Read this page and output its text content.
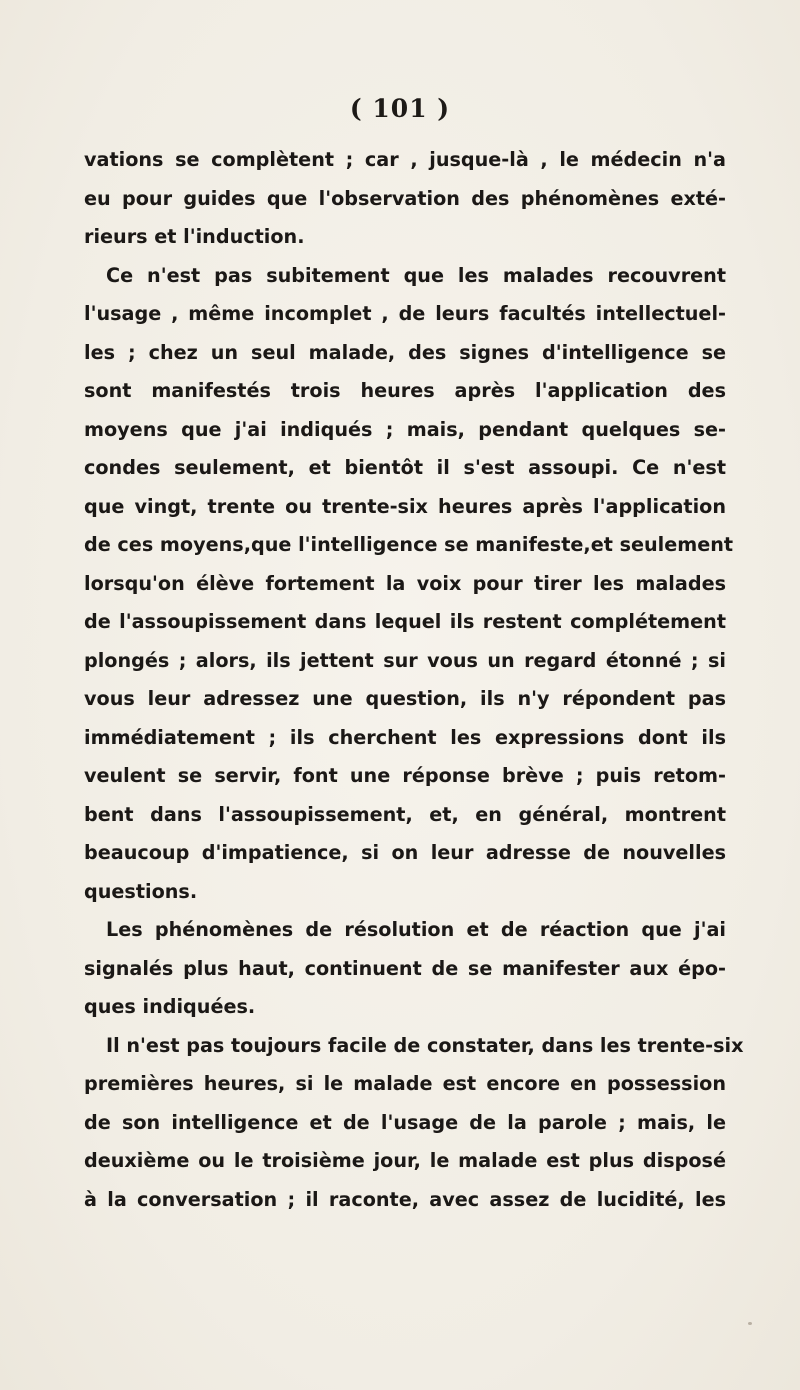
( 101 )
vations se complètent ; car , jusque-là , le médecin n'a
eu pour guides que l'observation des phénomènes exté-
rieurs et l'induction.
Ce n'est pas subitement que les malades recouvrent
l'usage , même incomplet , de leurs facultés intellectuel-
les ; chez un seul malade, des signes d'intelligence se
sont manifestés trois heures après l'application des
moyens que j'ai indiqués ; mais, pendant quelques se-
condes seulement, et bientôt il s'est assoupi. Ce n'est
que vingt, trente ou trente-six heures après l'application
de ces moyens,que l'intelligence se manifeste,et seulement
lorsqu'on élève fortement la voix pour tirer les malades
de l'assoupissement dans lequel ils restent complétement
plongés ; alors, ils jettent sur vous un regard étonné ; si
vous leur adressez une question, ils n'y répondent pas
immédiatement ; ils cherchent les expressions dont ils
veulent se servir, font une réponse brève ; puis retom-
bent dans l'assoupissement, et, en général, montrent
beaucoup d'impatience, si on leur adresse de nouvelles
questions.
Les phénomènes de résolution et de réaction que j'ai
signalés plus haut, continuent de se manifester aux épo-
ques indiquées.
Il n'est pas toujours facile de constater, dans les trente-six
premières heures, si le malade est encore en possession
de son intelligence et de l'usage de la parole ; mais, le
deuxième ou le troisième jour, le malade est plus disposé
à la conversation ; il raconte, avec assez de lucidité, les
